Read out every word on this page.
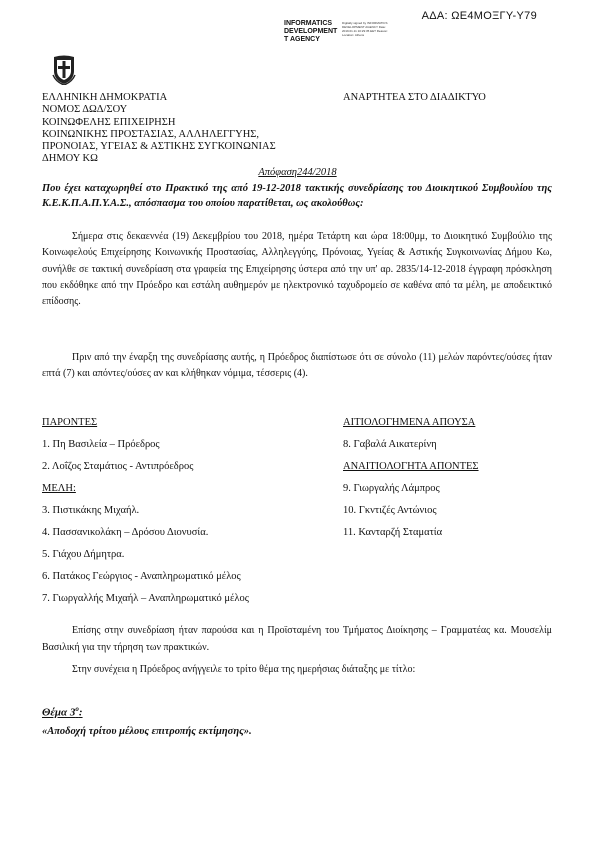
ΑΔΑ: ΩΕ4ΜΟΞΓΥ-Υ79
INFORMATICS
DEVELOPMENT
T AGENCY
Digitally signed by INFORMATICS DEVELOPMENT AGENCY Date: 2019.01.11 10:29:35 EET Reason: Location: Athens
ΕΛΛΗΝΙΚΗ ΔΗΜΟΚΡΑΤΙΑ
ΝΟΜΟΣ ΔΩΔ/ΣΟΥ
ΚΟΙΝΩΦΕΛΗΣ ΕΠΙΧΕΙΡΗΣΗ
ΚΟΙΝΩΝΙΚΗΣ ΠΡΟΣΤΑΣΙΑΣ, ΑΛΛΗΛΕΓΓΥΗΣ,
ΠΡΟΝΟΙΑΣ, ΥΓΕΙΑΣ & ΑΣΤΙΚΗΣ ΣΥΓΚΟΙΝΩΝΙΑΣ
ΔΗΜΟΥ ΚΩ
ΑΝΑΡΤΗΤΕΑ ΣΤΟ ΔΙΑΔΙΚΤΥΟ
Απόφαση244/2018
Που έχει καταχωρηθεί στο Πρακτικό της από 19-12-2018 τακτικής συνεδρίασης του Διοικητικού Συμβουλίου της Κ.Ε.Κ.Π.Α.Π.Υ.Α.Σ., απόσπασμα του οποίου παρατίθεται, ως ακολούθως:
Σήμερα στις δεκαεννέα (19) Δεκεμβρίου του 2018, ημέρα Τετάρτη και ώρα 18:00μμ, το Διοικητικό Συμβούλιο της Κοινωφελούς Επιχείρησης Κοινωνικής Προστασίας, Αλληλεγγύης, Πρόνοιας, Υγείας & Αστικής Συγκοινωνίας Δήμου Κω, συνήλθε σε τακτική συνεδρίαση στα γραφεία της Επιχείρησης ύστερα από την υπ' αρ. 2835/14-12-2018 έγγραφη πρόσκληση που εκδόθηκε από την Πρόεδρο και εστάλη αυθημερόν με ηλεκτρονικό ταχυδρομείο σε καθένα από τα μέλη, με αποδεικτικό επίδοσης.
Πριν από την έναρξη της συνεδρίασης αυτής, η Πρόεδρος διαπίστωσε ότι σε σύνολο (11) μελών παρόντες/ούσες ήταν επτά (7) και απόντες/ούσες αν και κλήθηκαν νόμιμα, τέσσερις (4).
ΠΑΡΟΝΤΕΣ
1. Πη Βασιλεία – Πρόεδρος
2. Λοΐζος Σταμάτιος - Αντιπρόεδρος
ΜΕΛΗ:
3. Πιστικάκης Μιχαήλ.
4. Πασσανικολάκη – Δρόσου Διονυσία.
5. Γιάχου Δήμητρα.
6. Πατάκος Γεώργιος - Αναπληρωματικό μέλος
7. Γιωργαλλής Μιχαήλ – Αναπληρωματικό μέλος
ΑΙΤΙΟΛΟΓΗΜΕΝΑ ΑΠΟΥΣΑ
8. Γαβαλά Αικατερίνη
ΑΝΑΙΤΙΟΛΟΓΗΤΑ ΑΠΟΝΤΕΣ
9. Γιωργαλής Λάμπρος
10. Γκντιζές Αντώνιος
11. Κανταρζή Σταματία
Επίσης στην συνεδρίαση ήταν παρούσα και η Προϊσταμένη του Τμήματος Διοίκησης – Γραμματέας κα. Μουσελίμ Βασιλική για την τήρηση των πρακτικών.
Στην συνέχεια η Πρόεδρος ανήγγειλε το τρίτο θέμα της ημερήσιας διάταξης με τίτλο:
Θέμα $3^o$:
«Αποδοχή τρίτου μέλους επιτροπής εκτίμησης».
